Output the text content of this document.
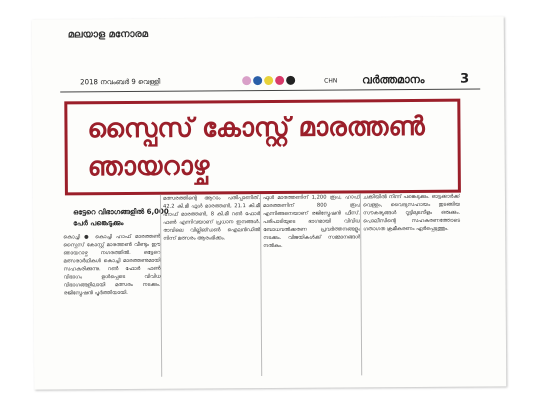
മലയാള മനോരമ
2018 നവംബർ 9 വെള്ളി	CHN വർത്തമാനം	3
സ്പൈസ് കോസ്റ്റ് മാരത്തൺ ഞായറാഴ്ച
ഒട്ടേറെ വിഭാഗങ്ങളിൽ 6,000 പേർ പങ്കെടുക്കും
കൊച്ചി ● കൊച്ചി ഹാഫ്‌ മാരത്തൺ സ്പൈസ് കോസ്റ്റ് മാരത്തൺ വീണ്ടും ഈ ഞായറാഴ്ച നഗരത്തിൽ. ഒട്ടേറെ മത്സരാർഥികൾ കൊച്ചി മാരത്തണുമായി സഹകരിക്കുന്നു. റൺ ഫോർ ഫൺ വിഭാഗം ഉൾപ്പെടെ വിവിധ വിഭാഗങ്ങളിലായി മത്സരം നടക്കും. രജിസ്ട്രേഷൻ പൂർത്തിയായി.
മത്സരത്തിന്റെ ആറാം പതിപ്പാണിത്. 42.2 കി.മീ ഫുൾ മാരത്തൺ, 21.1 കി.മീ ഹാഫ്‌ മാരത്തൺ, 8 കി.മീ റൺ ഫോർ ഫൺ എന്നിവയാണ് പ്രധാന ഇനങ്ങൾ. രാവിലെ വില്ലിങ്ഡൺ ഐലൻഡിൽ നിന്ന് മത്സരം ആരംഭിക്കും.
ഫുൾ മാരത്തണിന് 1,200 രൂപ, ഹാഫ്‌ മാരത്തണിന് 800 രൂപ എന്നിങ്ങനെയാണ് രജിസ്ട്രേഷൻ ഫീസ്. പരിപാടിയുടെ ഭാഗമായി വിവിധ ബോധവൽക്കരണ പ്രവർത്തനങ്ങളും നടക്കും. വിജയികൾക്ക് സമ്മാനങ്ങൾ നൽകും.
ചക്കിയിൽ നിന്ന് പങ്കെടുക്കും. ഓട്ടക്കാർക്ക് വെള്ളം, വൈദ്യസഹായം തുടങ്ങിയ സൗകര്യങ്ങൾ റൂട്ടിലുടനീളം ഒരുക്കും. പൊലീസിന്റെ സഹകരണത്തോടെ ഗതാഗത ക്രമീകരണം ഏർപ്പെടുത്തും.
